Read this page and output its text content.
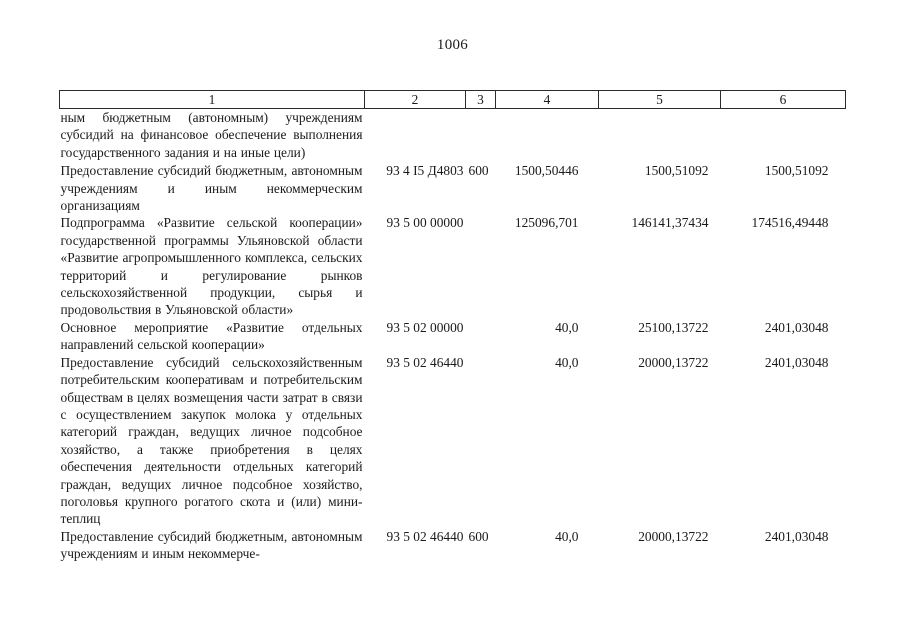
1006
1	2	3	4	5	6
ным бюджетным (автономным) учреждениям субсидий на финансовое обеспечение выполнения государственного задания и на иные цели)					
Предоставление субсидий бюджетным, автономным учреждениям и иным некоммерческим организациям	93 4 I5 Д4803	600	1500,50446	1500,51092	1500,51092
Подпрограмма «Развитие сельской кооперации» государственной программы Ульяновской области «Развитие агропромышленного комплекса, сельских территорий и регулирование рынков сельскохозяйственной продукции, сырья и продовольствия в Ульяновской области»	93 5 00 00000		125096,701	146141,37434	174516,49448
Основное мероприятие «Развитие отдельных направлений сельской кооперации»	93 5 02 00000		40,0	25100,13722	2401,03048
Предоставление субсидий сельскохозяйственным потребительским кооперативам и потребительским обществам в целях возмещения части затрат в связи с осуществлением закупок молока у отдельных категорий граждан, ведущих личное подсобное хозяйство, а также приобретения в целях обеспечения деятельности отдельных категорий граждан, ведущих личное подсобное хозяйство, поголовья крупного рогатого скота и (или) мини-теплиц	93 5 02 46440		40,0	20000,13722	2401,03048
Предоставление субсидий бюджетным, автономным учреждениям и иным некоммерче-	93 5 02 46440	600	40,0	20000,13722	2401,03048
